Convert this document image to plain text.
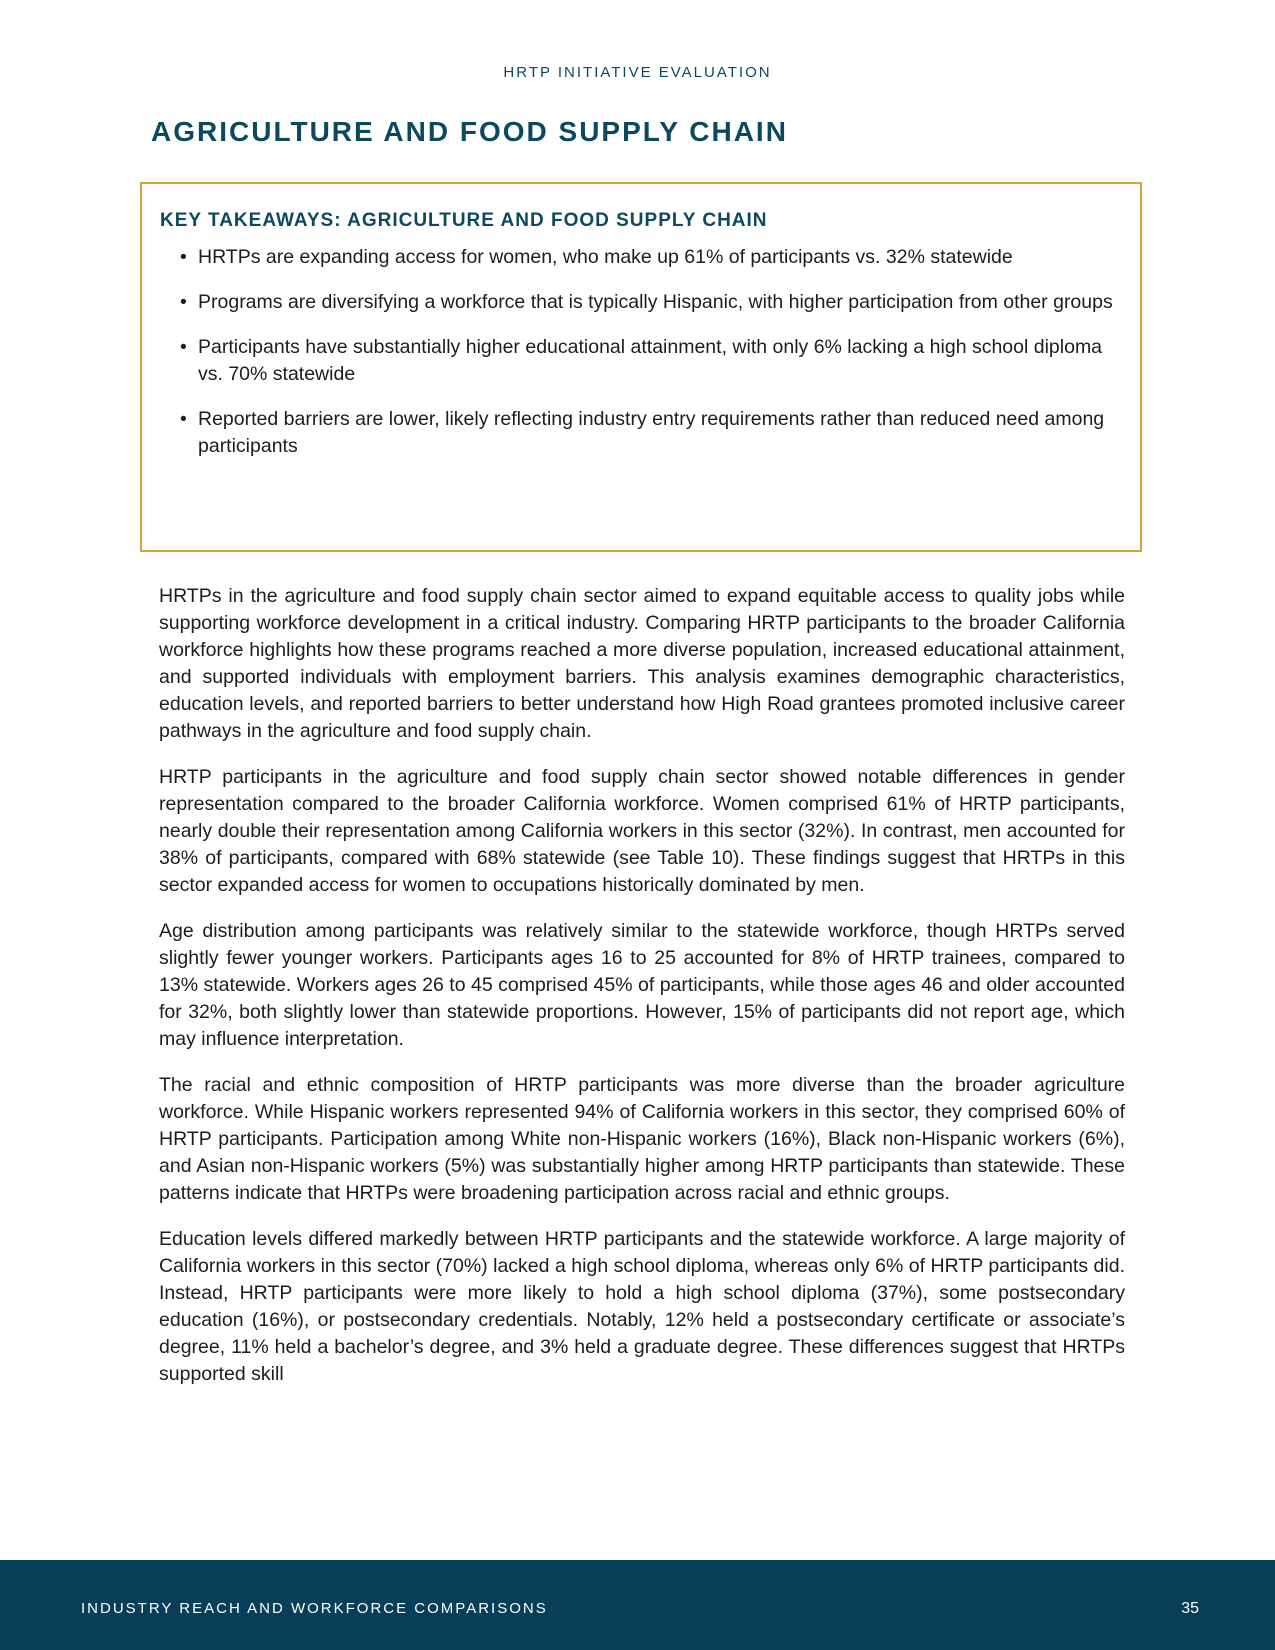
HRTP INITIATIVE EVALUATION
AGRICULTURE AND FOOD SUPPLY CHAIN
KEY TAKEAWAYS: AGRICULTURE AND FOOD SUPPLY CHAIN
• HRTPs are expanding access for women, who make up 61% of participants vs. 32% statewide
• Programs are diversifying a workforce that is typically Hispanic, with higher participation from other groups
• Participants have substantially higher educational attainment, with only 6% lacking a high school diploma vs. 70% statewide
• Reported barriers are lower, likely reflecting industry entry requirements rather than reduced need among participants

HRTPs in the agriculture and food supply chain sector aimed to expand equitable access to quality jobs while supporting workforce development in a critical industry. Comparing HRTP participants to the broader California workforce highlights how these programs reached a more diverse population, increased educational attainment, and supported individuals with employment barriers. This analysis examines demographic characteristics, education levels, and reported barriers to better understand how High Road grantees promoted inclusive career pathways in the agriculture and food supply chain.

HRTP participants in the agriculture and food supply chain sector showed notable differences in gender representation compared to the broader California workforce. Women comprised 61% of HRTP participants, nearly double their representation among California workers in this sector (32%). In contrast, men accounted for 38% of participants, compared with 68% statewide (see Table 10). These findings suggest that HRTPs in this sector expanded access for women to occupations historically dominated by men.

Age distribution among participants was relatively similar to the statewide workforce, though HRTPs served slightly fewer younger workers. Participants ages 16 to 25 accounted for 8% of HRTP trainees, compared to 13% statewide. Workers ages 26 to 45 comprised 45% of participants, while those ages 46 and older accounted for 32%, both slightly lower than statewide proportions. However, 15% of participants did not report age, which may influence interpretation.

The racial and ethnic composition of HRTP participants was more diverse than the broader agriculture workforce. While Hispanic workers represented 94% of California workers in this sector, they comprised 60% of HRTP participants. Participation among White non-Hispanic workers (16%), Black non-Hispanic workers (6%), and Asian non-Hispanic workers (5%) was substantially higher among HRTP participants than statewide. These patterns indicate that HRTPs were broadening participation across racial and ethnic groups.

Education levels differed markedly between HRTP participants and the statewide workforce. A large majority of California workers in this sector (70%) lacked a high school diploma, whereas only 6% of HRTP participants did. Instead, HRTP participants were more likely to hold a high school diploma (37%), some postsecondary education (16%), or postsecondary credentials. Notably, 12% held a postsecondary certificate or associate’s degree, 11% held a bachelor’s degree, and 3% held a graduate degree. These differences suggest that HRTPs supported skill

INDUSTRY REACH AND WORKFORCE COMPARISONS	35
